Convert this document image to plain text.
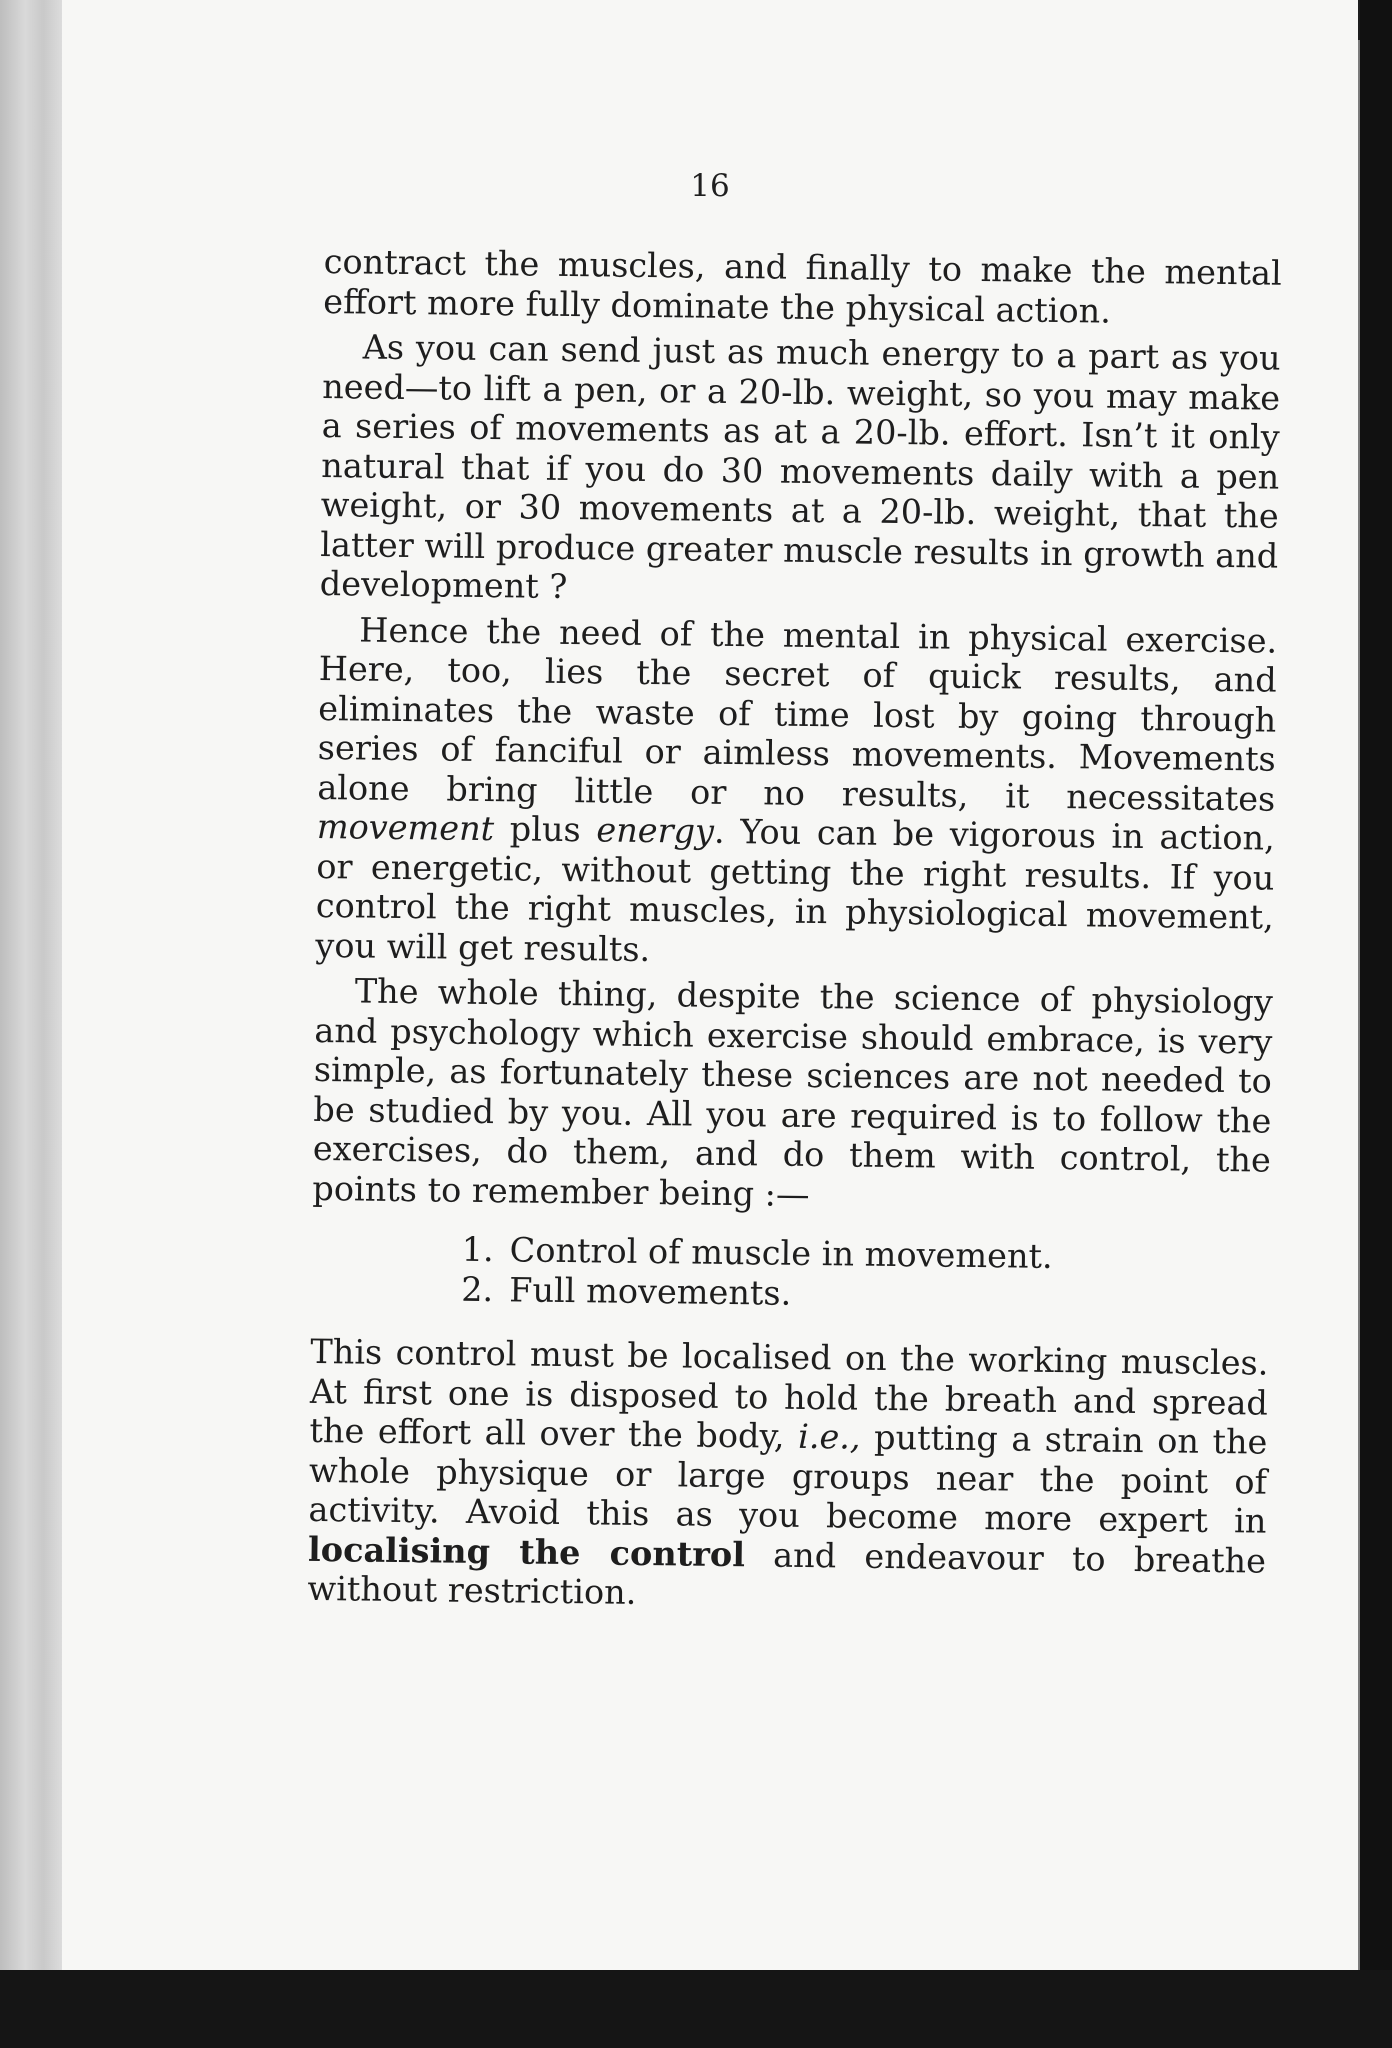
16

contract the muscles, and finally to make the mental effort more fully dominate the physical action.

As you can send just as much energy to a part as you need—to lift a pen, or a 20-lb. weight, so you may make a series of movements as at a 20-lb. effort. Isn’t it only natural that if you do 30 movements daily with a pen weight, or 30 movements at a 20-lb. weight, that the latter will produce greater muscle results in growth and development ?

Hence the need of the mental in physical exercise. Here, too, lies the secret of quick results, and eliminates the waste of time lost by going through series of fanciful or aimless movements. Movements alone bring little or no results, it necessitates movement plus energy. You can be vigorous in action, or energetic, without getting the right results. If you control the right muscles, in physiological movement, you will get results.

The whole thing, despite the science of physiology and psychology which exercise should embrace, is very simple, as fortunately these sciences are not needed to be studied by you. All you are required is to follow the exercises, do them, and do them with control, the points to remember being :—

1. Control of muscle in movement.
2. Full movements.

This control must be localised on the working muscles. At first one is disposed to hold the breath and spread the effort all over the body, i.e., putting a strain on the whole physique or large groups near the point of activity. Avoid this as you become more expert in localising the control and endeavour to breathe without restriction.
